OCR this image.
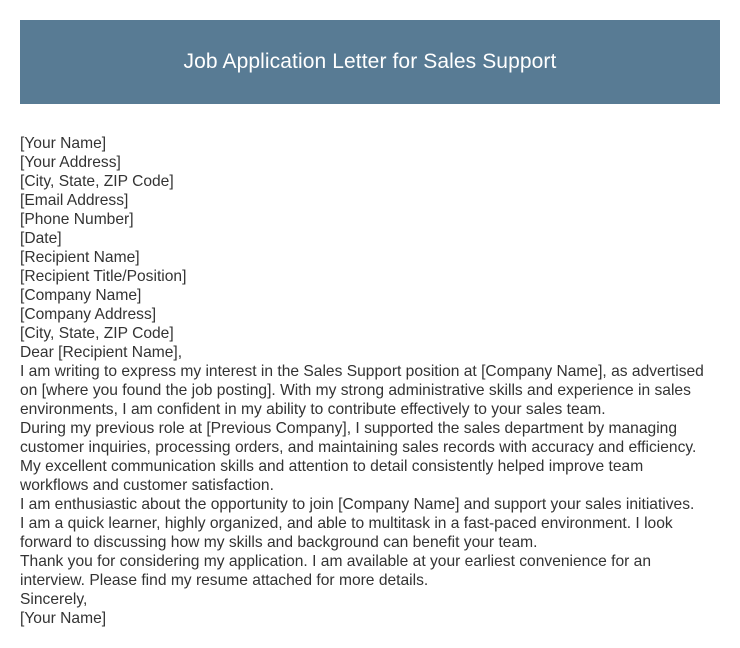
Job Application Letter for Sales Support
[Your Name]
[Your Address]
[City, State, ZIP Code]
[Email Address]
[Phone Number]
[Date]
[Recipient Name]
[Recipient Title/Position]
[Company Name]
[Company Address]
[City, State, ZIP Code]
Dear [Recipient Name],
I am writing to express my interest in the Sales Support position at [Company Name], as advertised
on [where you found the job posting]. With my strong administrative skills and experience in sales
environments, I am confident in my ability to contribute effectively to your sales team.
During my previous role at [Previous Company], I supported the sales department by managing
customer inquiries, processing orders, and maintaining sales records with accuracy and efficiency.
My excellent communication skills and attention to detail consistently helped improve team
workflows and customer satisfaction.
I am enthusiastic about the opportunity to join [Company Name] and support your sales initiatives.
I am a quick learner, highly organized, and able to multitask in a fast-paced environment. I look
forward to discussing how my skills and background can benefit your team.
Thank you for considering my application. I am available at your earliest convenience for an
interview. Please find my resume attached for more details.
Sincerely,
[Your Name]
